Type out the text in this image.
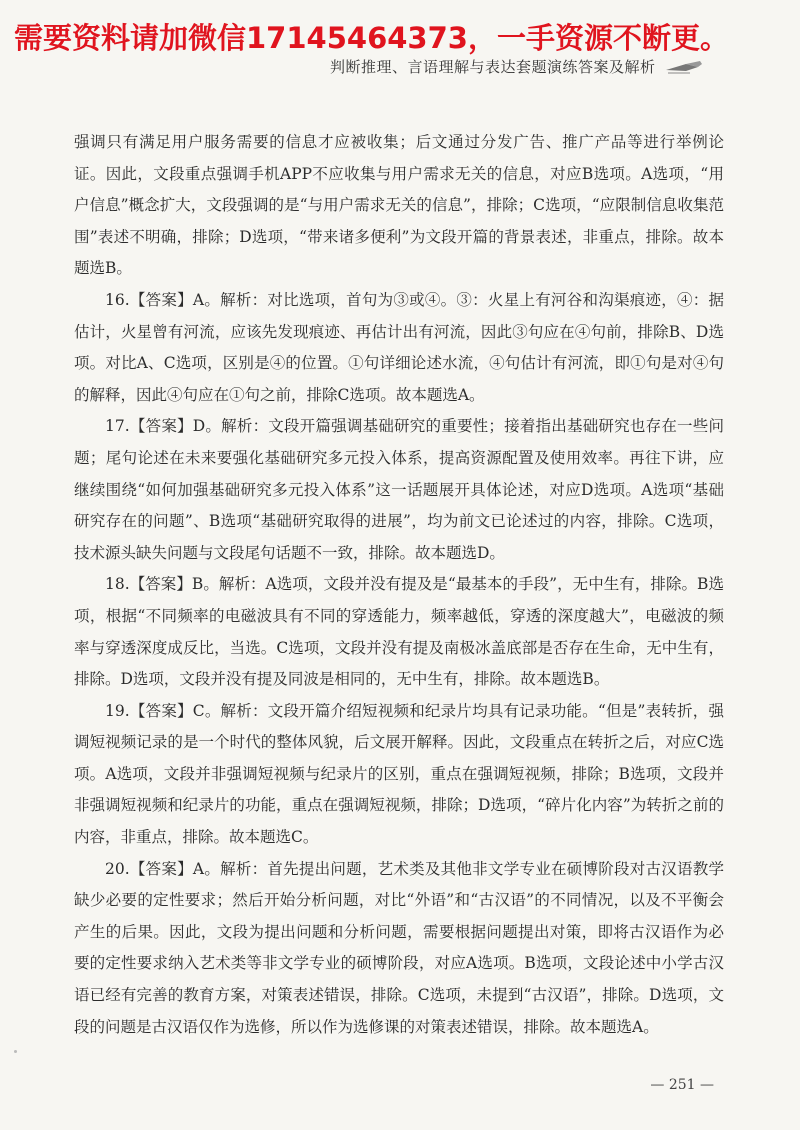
需要资料请加微信17145464373，一手资源不断更。
判断推理、言语理解与表达套题演练答案及解析

强调只有满足用户服务需要的信息才应被收集；后文通过分发广告、推广产品等进行举例论证。因此，文段重点强调手机APP不应收集与用户需求无关的信息，对应B选项。A选项，“用户信息”概念扩大，文段强调的是“与用户需求无关的信息”，排除；C选项，“应限制信息收集范围”表述不明确，排除；D选项，“带来诸多便利”为文段开篇的背景表述，非重点，排除。故本题选B。

16.【答案】A。解析：对比选项，首句为③或④。③：火星上有河谷和沟渠痕迹，④：据估计，火星曾有河流，应该先发现痕迹、再估计出有河流，因此③句应在④句前，排除B、D选项。对比A、C选项，区别是④的位置。①句详细论述水流，④句估计有河流，即①句是对④句的解释，因此④句应在①句之前，排除C选项。故本题选A。

17.【答案】D。解析：文段开篇强调基础研究的重要性；接着指出基础研究也存在一些问题；尾句论述在未来要强化基础研究多元投入体系，提高资源配置及使用效率。再往下讲，应继续围绕“如何加强基础研究多元投入体系”这一话题展开具体论述，对应D选项。A选项“基础研究存在的问题”、B选项“基础研究取得的进展”，均为前文已论述过的内容，排除。C选项，技术源头缺失问题与文段尾句话题不一致，排除。故本题选D。

18.【答案】B。解析：A选项，文段并没有提及是“最基本的手段”，无中生有，排除。B选项，根据“不同频率的电磁波具有不同的穿透能力，频率越低，穿透的深度越大”，电磁波的频率与穿透深度成反比，当选。C选项，文段并没有提及南极冰盖底部是否存在生命，无中生有，排除。D选项，文段并没有提及同波是相同的，无中生有，排除。故本题选B。

19.【答案】C。解析：文段开篇介绍短视频和纪录片均具有记录功能。“但是”表转折，强调短视频记录的是一个时代的整体风貌，后文展开解释。因此，文段重点在转折之后，对应C选项。A选项，文段并非强调短视频与纪录片的区别，重点在强调短视频，排除；B选项，文段并非强调短视频和纪录片的功能，重点在强调短视频，排除；D选项，“碎片化内容”为转折之前的内容，非重点，排除。故本题选C。

20.【答案】A。解析：首先提出问题，艺术类及其他非文学专业在硕博阶段对古汉语教学缺少必要的定性要求；然后开始分析问题，对比“外语”和“古汉语”的不同情况，以及不平衡会产生的后果。因此，文段为提出问题和分析问题，需要根据问题提出对策，即将古汉语作为必要的定性要求纳入艺术类等非文学专业的硕博阶段，对应A选项。B选项，文段论述中小学古汉语已经有完善的教育方案，对策表述错误，排除。C选项，未提到“古汉语”，排除。D选项，文段的问题是古汉语仅作为选修，所以作为选修课的对策表述错误，排除。故本题选A。

— 251 —
